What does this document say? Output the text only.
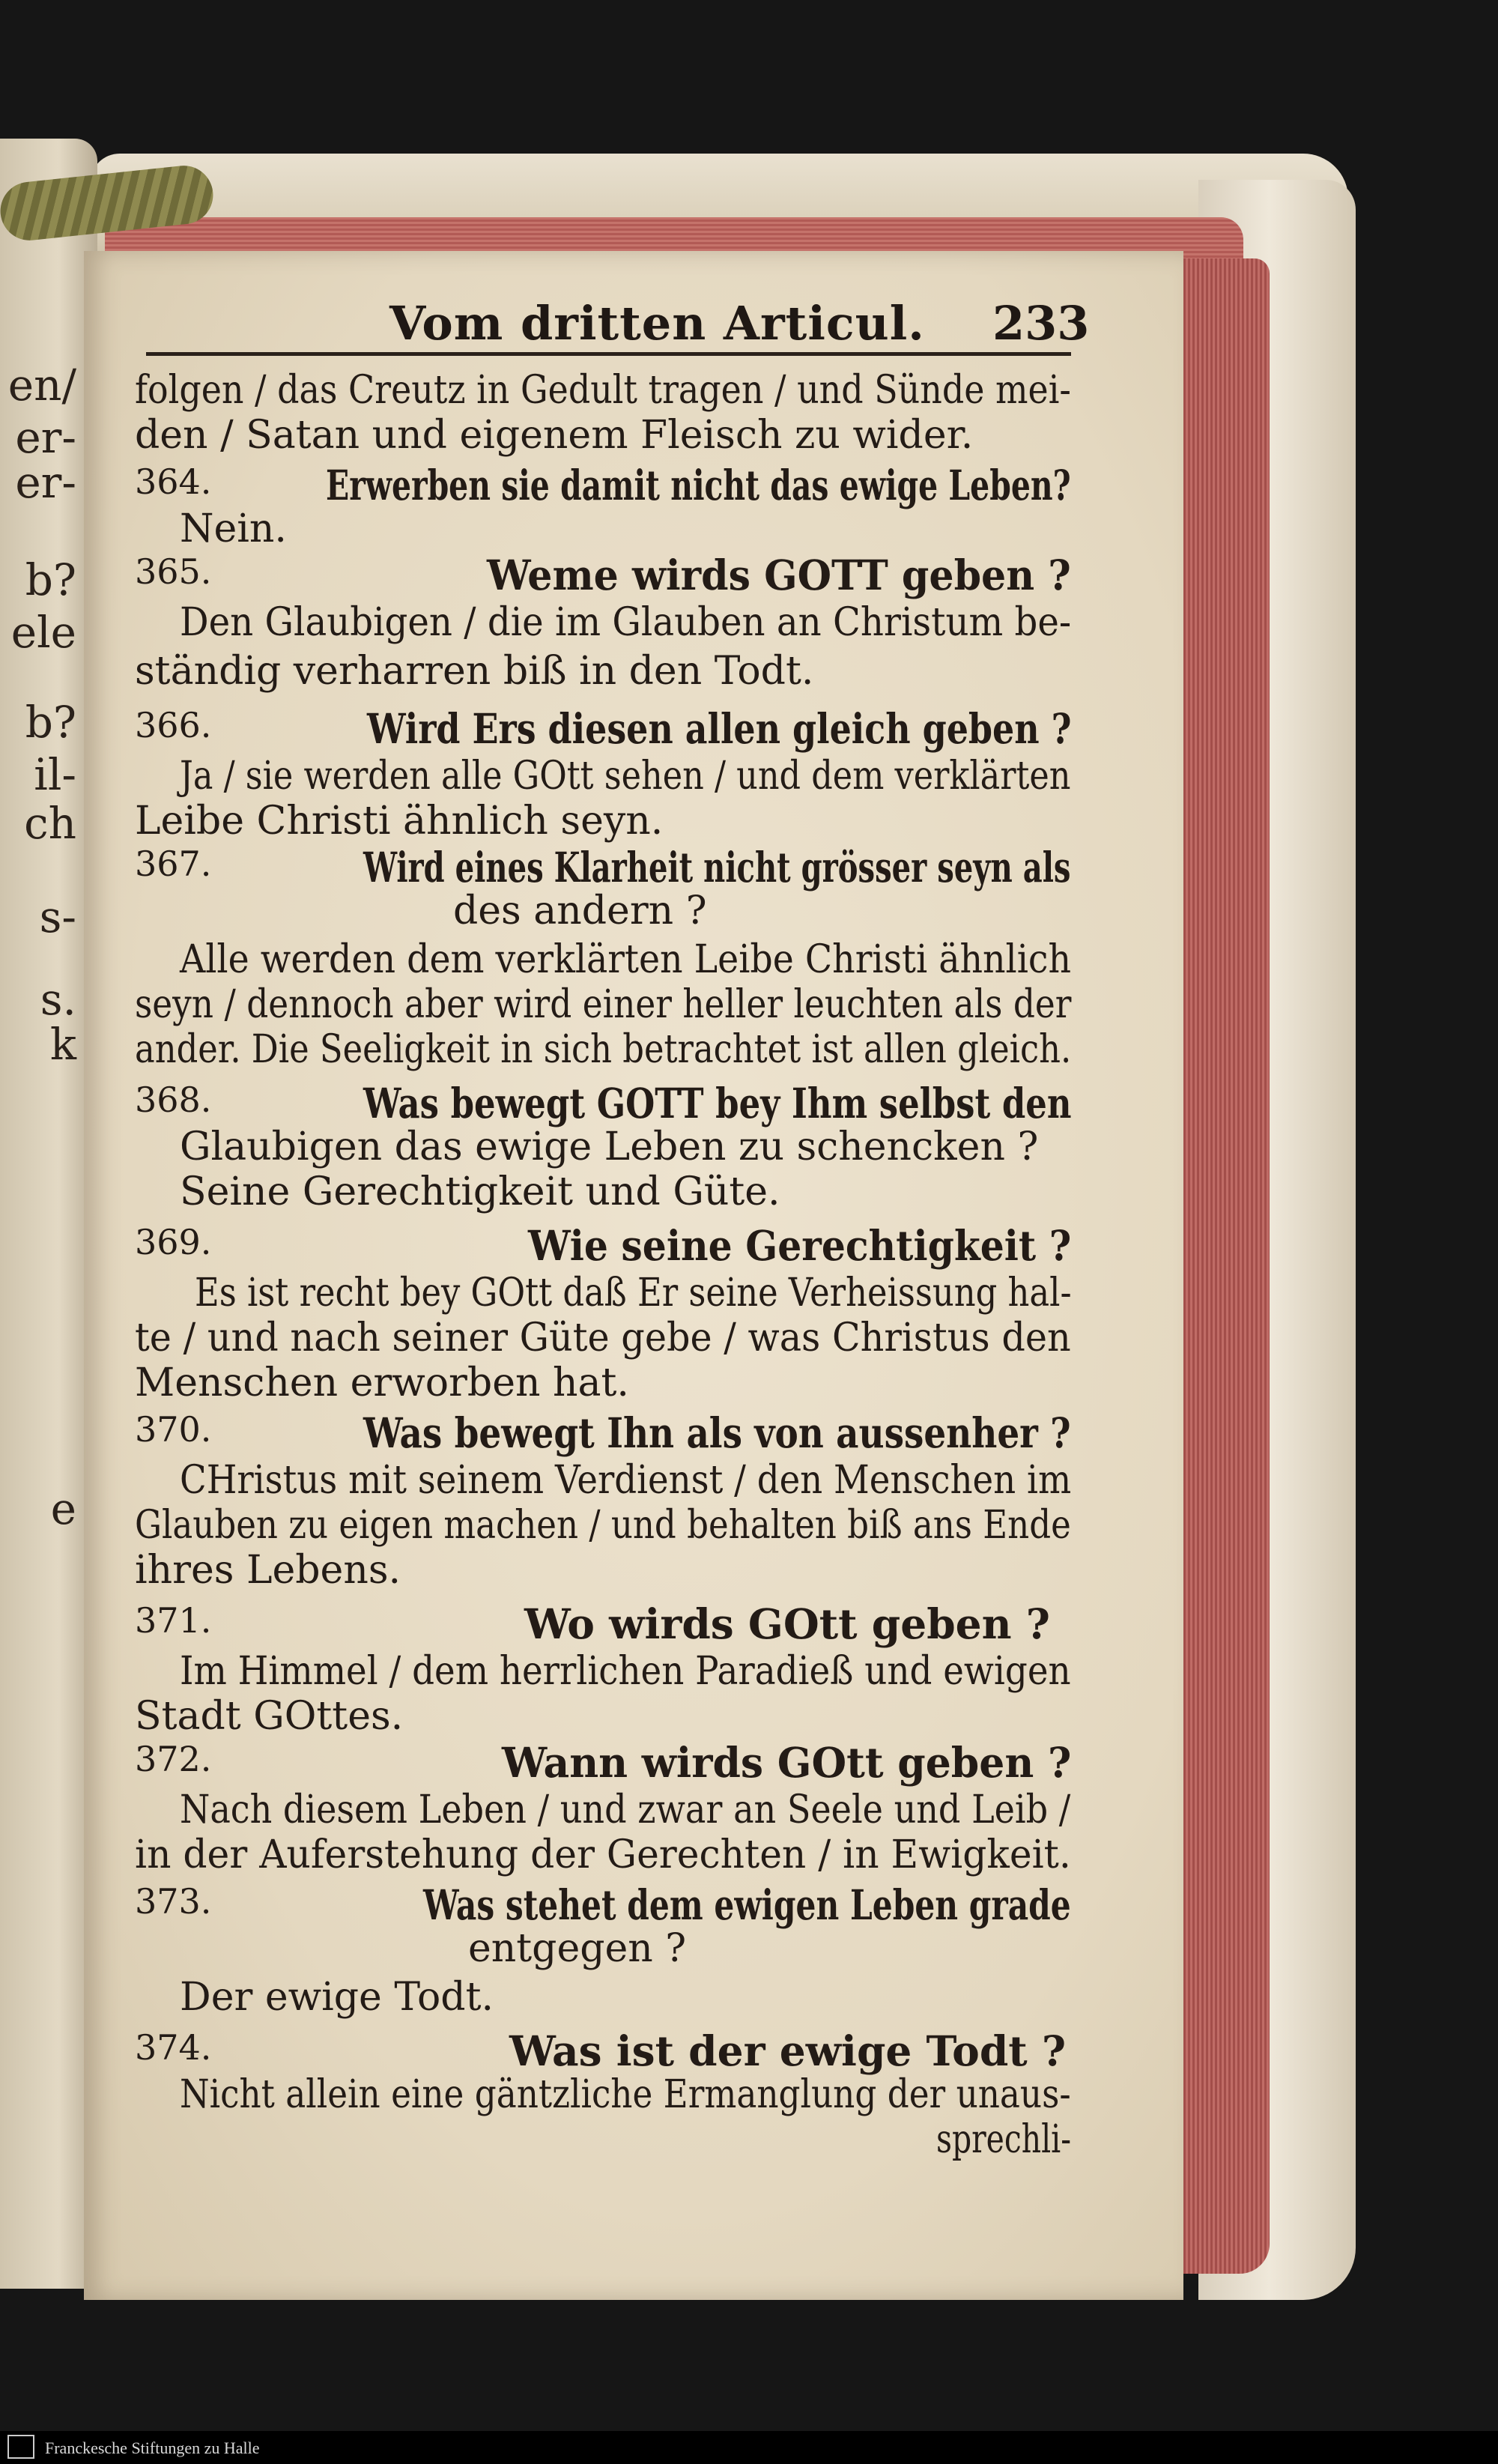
en/
er-
er-
b?
ele
b?
il-
ch
s-
s.
k
e
Vom dritten Articul. 233
folgen / das Creutz in Gedult tragen / und Sünde mei-
den / Satan und eigenem Fleisch zu wider.
364.	Erwerben sie damit nicht das ewige Leben?
Nein.
365.	Weme wirds GOTT geben ?
Den Glaubigen / die im Glauben an Christum be-
ständig verharren biß in den Todt.
366.	Wird Ers diesen allen gleich geben ?
Ja / sie werden alle GOtt sehen / und dem verklärten
Leibe Christi ähnlich seyn.
367.	Wird eines Klarheit nicht grösser seyn als
des andern ?
Alle werden dem verklärten Leibe Christi ähnlich
seyn / dennoch aber wird einer heller leuchten als der
ander. Die Seeligkeit in sich betrachtet ist allen gleich.
368.	Was bewegt GOTT bey Ihm selbst den
Glaubigen das ewige Leben zu schencken ?
Seine Gerechtigkeit und Güte.
369.	Wie seine Gerechtigkeit ?
Es ist recht bey GOtt daß Er seine Verheissung hal-
te / und nach seiner Güte gebe / was Christus den
Menschen erworben hat.
370.	Was bewegt Ihn als von aussenher ?
CHristus mit seinem Verdienst / den Menschen im
Glauben zu eigen machen / und behalten biß ans Ende
ihres Lebens.
371.	Wo wirds GOtt geben ?
Im Himmel / dem herrlichen Paradieß und ewigen
Stadt GOttes.
372.	Wann wirds GOtt geben ?
Nach diesem Leben / und zwar an Seele und Leib /
in der Auferstehung der Gerechten / in Ewigkeit.
373.	Was stehet dem ewigen Leben grade
entgegen ?
Der ewige Todt.
374.	Was ist der ewige Todt ?
Nicht allein eine gäntzliche Ermanglung der unaus-
sprechli-
Franckesche Stiftungen zu Halle
